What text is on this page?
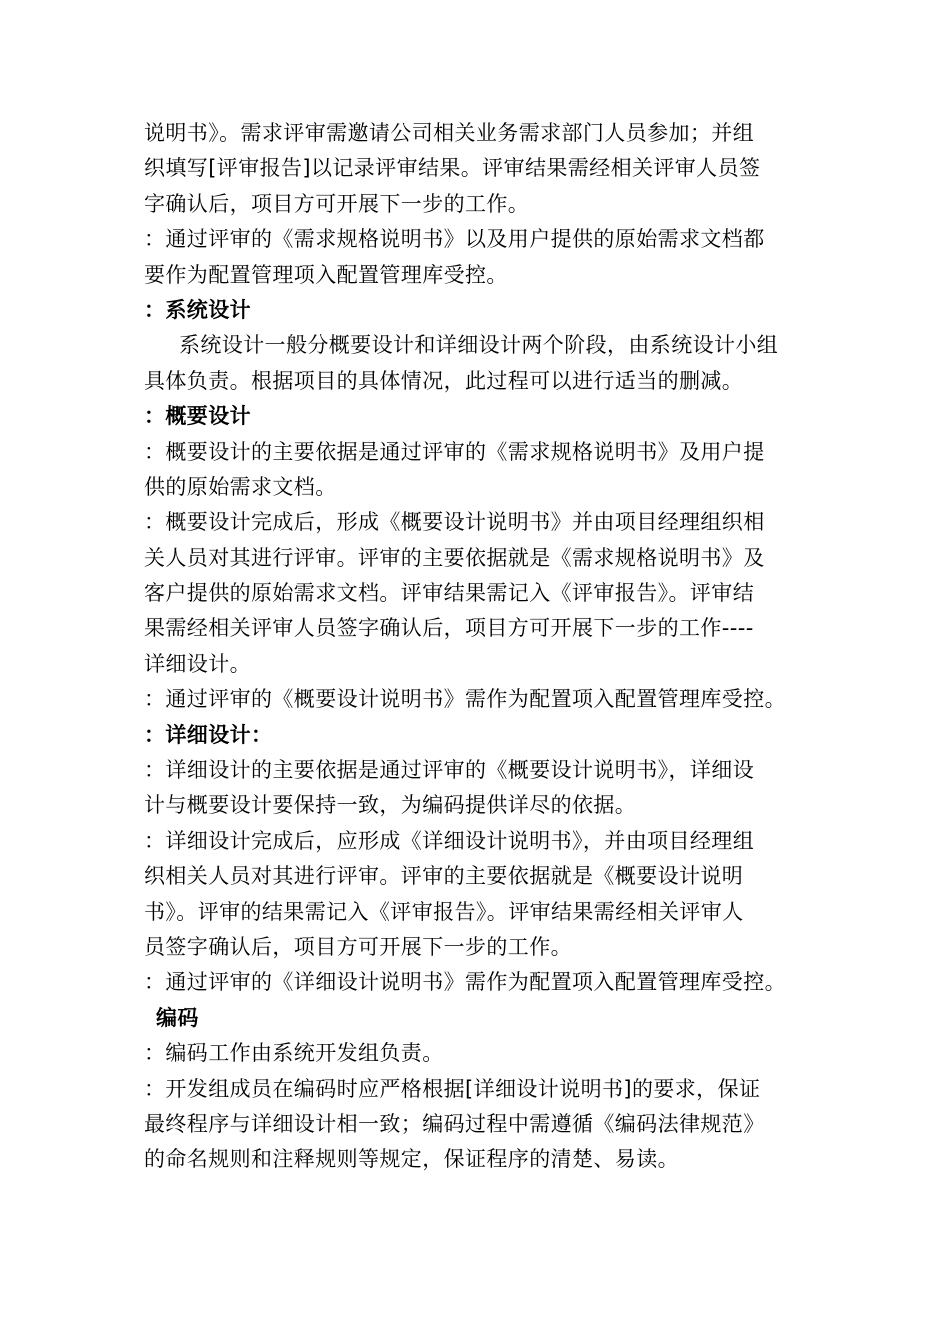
说明书》。需求评审需邀请公司相关业务需求部门人员参加；并组
织填写[评审报告]以记录评审结果。评审结果需经相关评审人员签
字确认后，项目方可开展下一步的工作。
：通过评审的《需求规格说明书》以及用户提供的原始需求文档都
要作为配置管理项入配置管理库受控。
：系统设计
系统设计一般分概要设计和详细设计两个阶段，由系统设计小组
具体负责。根据项目的具体情况，此过程可以进行适当的删减。
：概要设计
：概要设计的主要依据是通过评审的《需求规格说明书》及用户提
供的原始需求文档。
：概要设计完成后，形成《概要设计说明书》并由项目经理组织相
关人员对其进行评审。评审的主要依据就是《需求规格说明书》及
客户提供的原始需求文档。评审结果需记入《评审报告》。评审结
果需经相关评审人员签字确认后，项目方可开展下一步的工作----
详细设计。
：通过评审的《概要设计说明书》需作为配置项入配置管理库受控。
：详细设计：
：详细设计的主要依据是通过评审的《概要设计说明书》，详细设
计与概要设计要保持一致，为编码提供详尽的依据。
：详细设计完成后，应形成《详细设计说明书》，并由项目经理组
织相关人员对其进行评审。评审的主要依据就是《概要设计说明
书》。评审的结果需记入《评审报告》。评审结果需经相关评审人
员签字确认后，项目方可开展下一步的工作。
：通过评审的《详细设计说明书》需作为配置项入配置管理库受控。
编码
：编码工作由系统开发组负责。
：开发组成员在编码时应严格根据[详细设计说明书]的要求，保证
最终程序与详细设计相一致；编码过程中需遵循《编码法律规范》
的命名规则和注释规则等规定，保证程序的清楚、易读。
